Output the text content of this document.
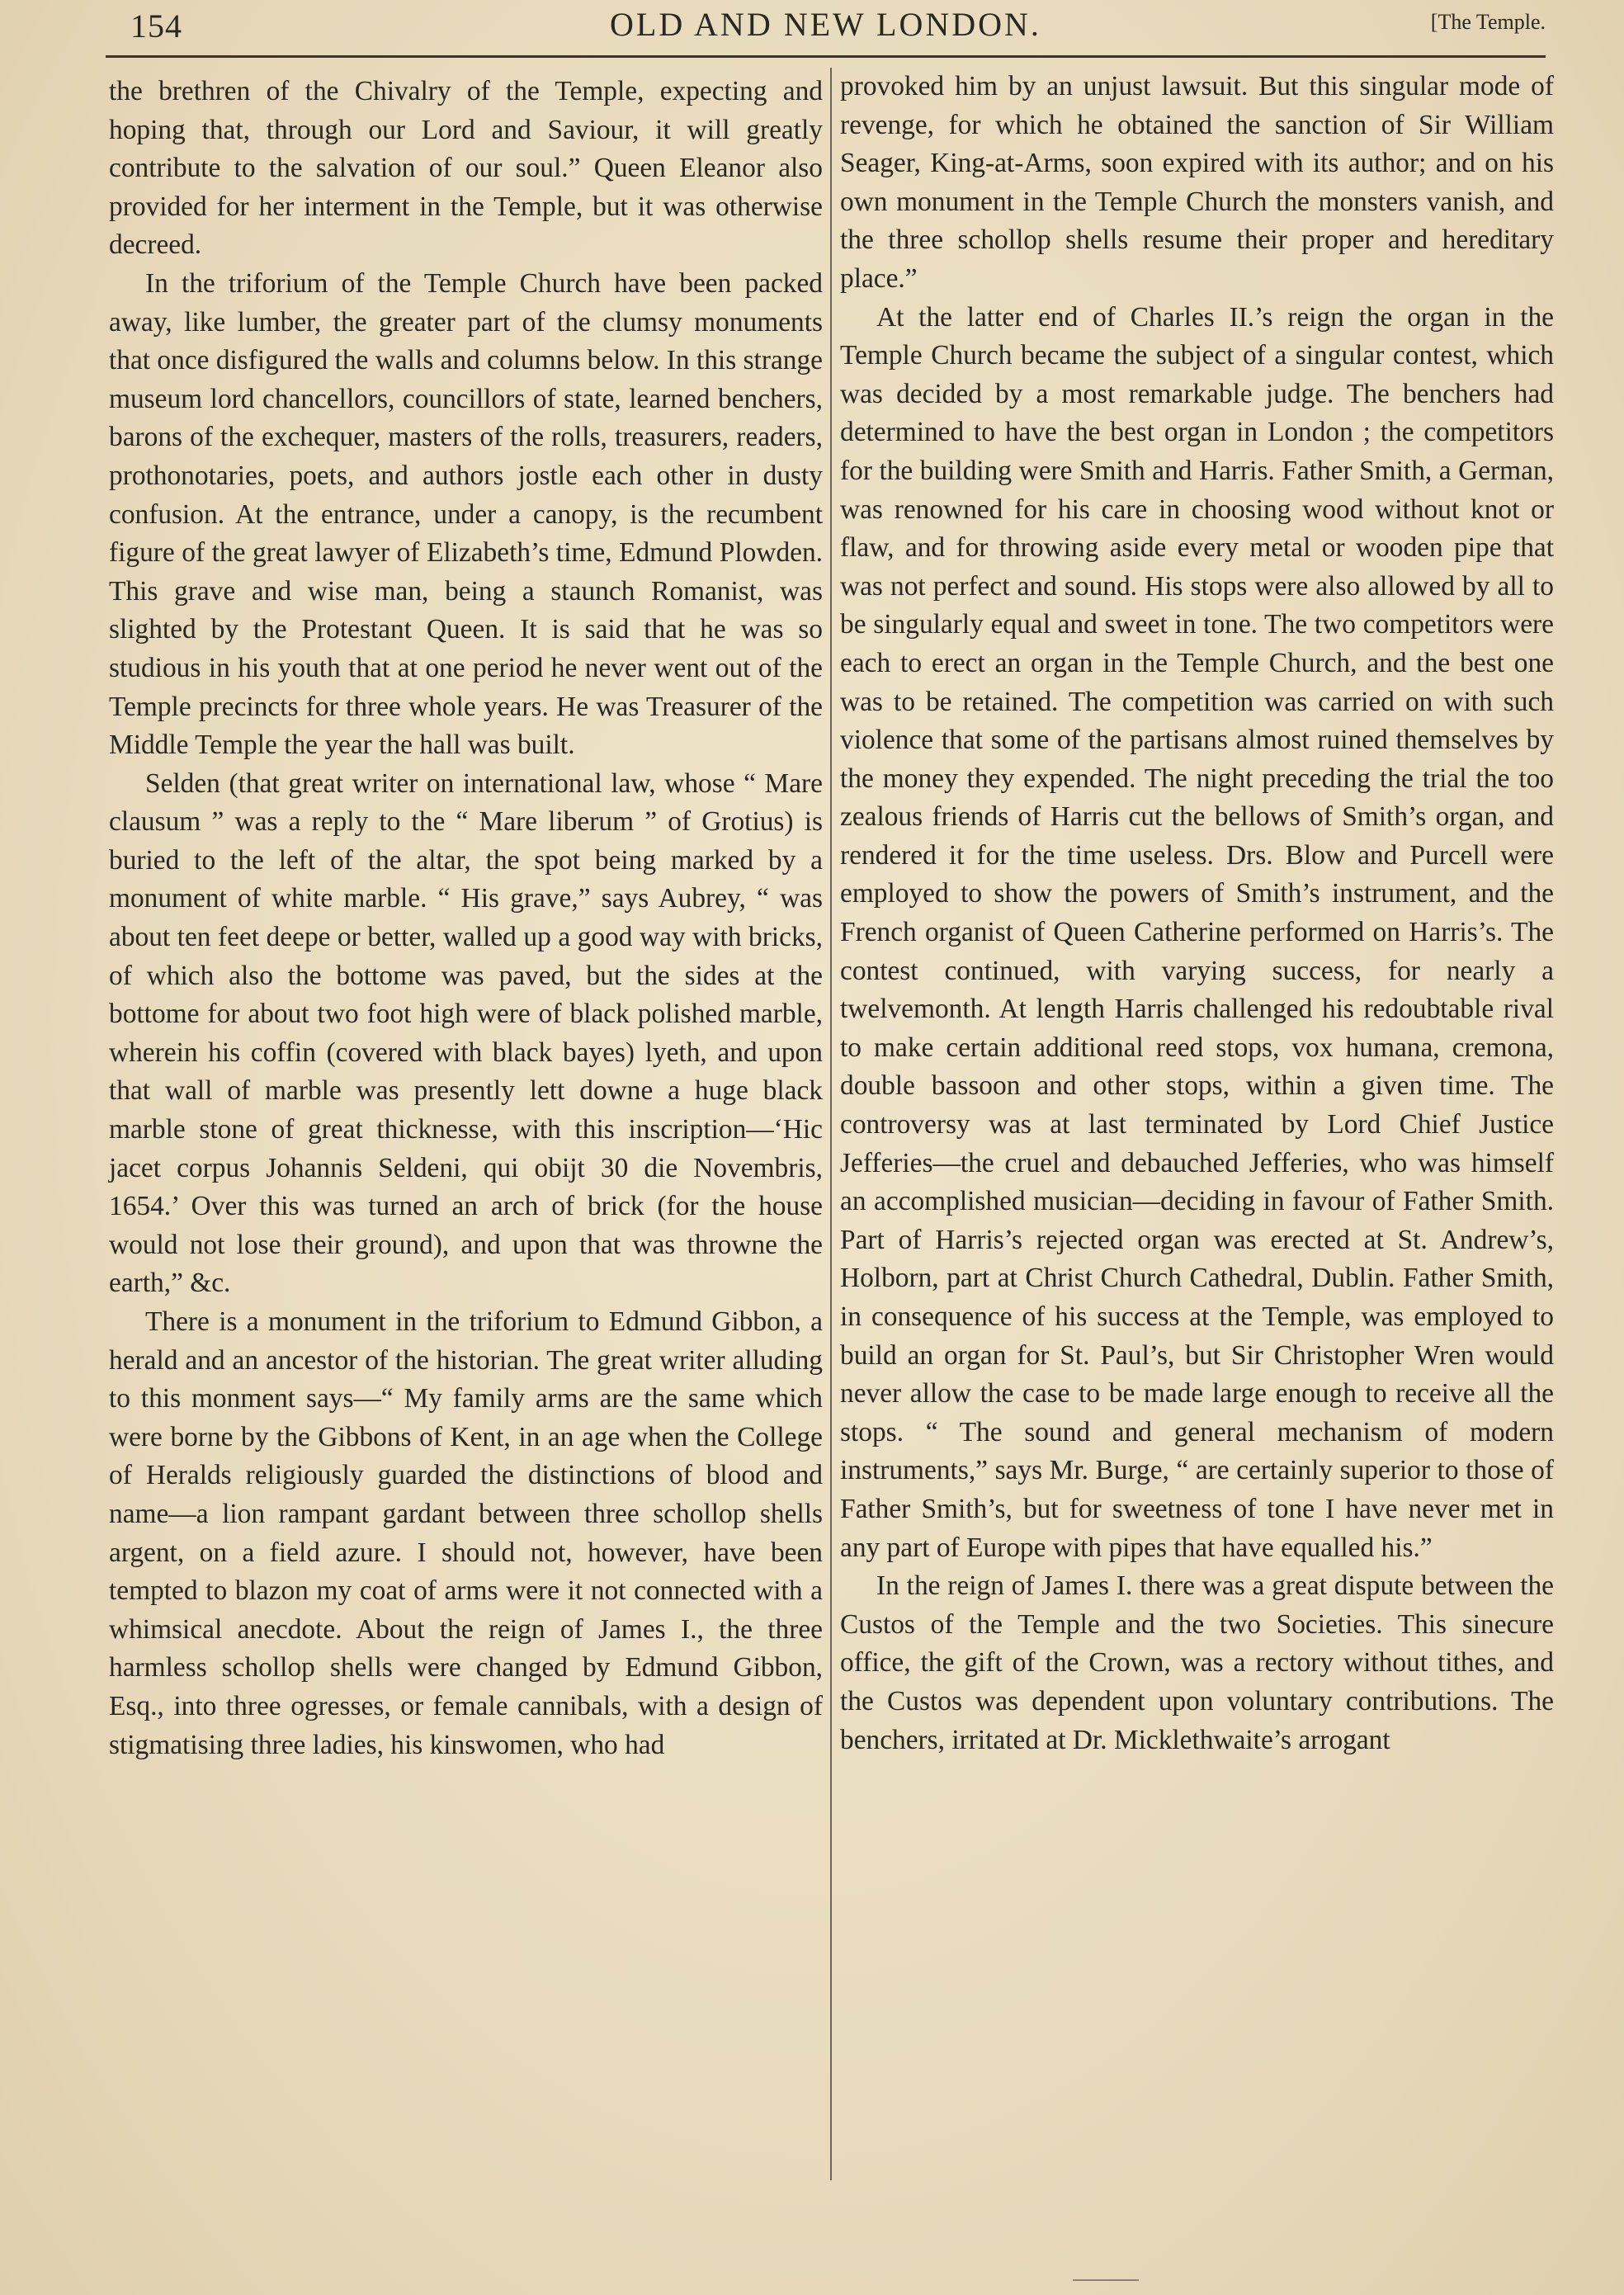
154	OLD AND NEW LONDON.	[The Temple.

the brethren of the Chivalry of the Temple, expecting and hoping that, through our Lord and Saviour, it will greatly contribute to the salvation of our soul.” Queen Eleanor also provided for her interment in the Temple, but it was otherwise decreed.

In the triforium of the Temple Church have been packed away, like lumber, the greater part of the clumsy monuments that once disfigured the walls and columns below. In this strange museum lord chancellors, councillors of state, learned benchers, barons of the exchequer, masters of the rolls, treasurers, readers, prothonotaries, poets, and authors jostle each other in dusty confusion. At the entrance, under a canopy, is the recumbent figure of the great lawyer of Elizabeth’s time, Edmund Plowden. This grave and wise man, being a staunch Romanist, was slighted by the Protestant Queen. It is said that he was so studious in his youth that at one period he never went out of the Temple precincts for three whole years. He was Treasurer of the Middle Temple the year the hall was built.

Selden (that great writer on international law, whose “ Mare clausum ” was a reply to the “ Mare liberum ” of Grotius) is buried to the left of the altar, the spot being marked by a monument of white marble. “ His grave,” says Aubrey, “ was about ten feet deepe or better, walled up a good way with bricks, of which also the bottome was paved, but the sides at the bottome for about two foot high were of black polished marble, wherein his coffin (covered with black bayes) lyeth, and upon that wall of marble was presently lett downe a huge black marble stone of great thicknesse, with this inscription—‘Hic jacet corpus Johannis Seldeni, qui obijt 30 die Novembris, 1654.’ Over this was turned an arch of brick (for the house would not lose their ground), and upon that was throwne the earth,” &c.

There is a monument in the triforium to Edmund Gibbon, a herald and an ancestor of the historian. The great writer alluding to this monment says—“ My family arms are the same which were borne by the Gibbons of Kent, in an age when the College of Heralds religiously guarded the distinctions of blood and name—a lion rampant gardant between three schollop shells argent, on a field azure. I should not, however, have been tempted to blazon my coat of arms were it not connected with a whimsical anecdote. About the reign of James I., the three harmless schollop shells were changed by Edmund Gibbon, Esq., into three ogresses, or female cannibals, with a design of stigmatising three ladies, his kinswomen, who had

provoked him by an unjust lawsuit. But this singular mode of revenge, for which he obtained the sanction of Sir William Seager, King-at-Arms, soon expired with its author; and on his own monument in the Temple Church the monsters vanish, and the three schollop shells resume their proper and hereditary place.”

At the latter end of Charles II.’s reign the organ in the Temple Church became the subject of a singular contest, which was decided by a most remarkable judge. The benchers had determined to have the best organ in London ; the competitors for the building were Smith and Harris. Father Smith, a German, was renowned for his care in choosing wood without knot or flaw, and for throwing aside every metal or wooden pipe that was not perfect and sound. His stops were also allowed by all to be singularly equal and sweet in tone. The two competitors were each to erect an organ in the Temple Church, and the best one was to be retained. The competition was carried on with such violence that some of the partisans almost ruined themselves by the money they expended. The night preceding the trial the too zealous friends of Harris cut the bellows of Smith’s organ, and rendered it for the time useless. Drs. Blow and Purcell were employed to show the powers of Smith’s instrument, and the French organist of Queen Catherine performed on Harris’s. The contest continued, with varying success, for nearly a twelvemonth. At length Harris challenged his redoubtable rival to make certain additional reed stops, vox humana, cremona, double bassoon and other stops, within a given time. The controversy was at last terminated by Lord Chief Justice Jefferies—the cruel and debauched Jefferies, who was himself an accomplished musician—deciding in favour of Father Smith. Part of Harris’s rejected organ was erected at St. Andrew’s, Holborn, part at Christ Church Cathedral, Dublin. Father Smith, in consequence of his success at the Temple, was employed to build an organ for St. Paul’s, but Sir Christopher Wren would never allow the case to be made large enough to receive all the stops. “ The sound and general mechanism of modern instruments,” says Mr. Burge, “ are certainly superior to those of Father Smith’s, but for sweetness of tone I have never met in any part of Europe with pipes that have equalled his.”

In the reign of James I. there was a great dispute between the Custos of the Temple and the two Societies. This sinecure office, the gift of the Crown, was a rectory without tithes, and the Custos was dependent upon voluntary contributions. The benchers, irritated at Dr. Micklethwaite’s arrogant
